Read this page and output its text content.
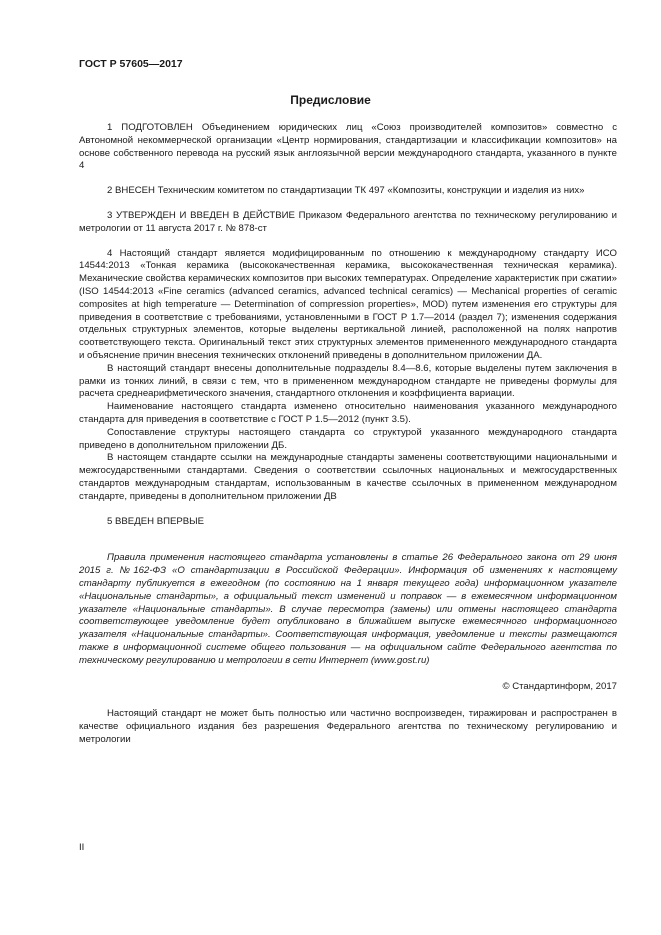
ГОСТ Р 57605—2017
Предисловие

1 ПОДГОТОВЛЕН Объединением юридических лиц «Союз производителей композитов» совместно с Автономной некоммерческой организации «Центр нормирования, стандартизации и классификации композитов» на основе собственного перевода на русский язык англоязычной версии международного стандарта, указанного в пункте 4

2 ВНЕСЕН Техническим комитетом по стандартизации ТК 497 «Композиты, конструкции и изделия из них»

3 УТВЕРЖДЕН И ВВЕДЕН В ДЕЙСТВИЕ Приказом Федерального агентства по техническому регулированию и метрологии от 11 августа 2017 г. № 878-ст

4 Настоящий стандарт является модифицированным по отношению к международному стандарту ИСО 14544:2013 «Тонкая керамика (высококачественная керамика, высококачественная техническая керамика). Механические свойства керамических композитов при высоких температурах. Определение характеристик при сжатии» (ISO 14544:2013 «Fine ceramics (advanced ceramics, advanced technical ceramics) — Mechanical properties of ceramic composites at high temperature — Determination of compression properties», MOD) путем изменения его структуры для приведения в соответствие с требованиями, установленными в ГОСТ Р 1.7—2014 (раздел 7); изменения содержания отдельных структурных элементов, которые выделены вертикальной линией, расположенной на полях напротив соответствующего текста. Оригинальный текст этих структурных элементов примененного международного стандарта и объяснение причин внесения технических отклонений приведены в дополнительном приложении ДА.

В настоящий стандарт внесены дополнительные подразделы 8.4—8.6, которые выделены путем заключения в рамки из тонких линий, в связи с тем, что в примененном международном стандарте не приведены формулы для расчета среднеарифметического значения, стандартного отклонения и коэффициента вариации.

Наименование настоящего стандарта изменено относительно наименования указанного международного стандарта для приведения в соответствие с ГОСТ Р 1.5—2012 (пункт 3.5).

Сопоставление структуры настоящего стандарта со структурой указанного международного стандарта приведено в дополнительном приложении ДБ.

В настоящем стандарте ссылки на международные стандарты заменены соответствующими национальными и межгосударственными стандартами. Сведения о соответствии ссылочных национальных и межгосударственных стандартов международным стандартам, использованным в качестве ссылочных в примененном международном стандарте, приведены в дополнительном приложении ДВ

5 ВВЕДЕН ВПЕРВЫЕ

Правила применения настоящего стандарта установлены в статье 26 Федерального закона от 29 июня 2015 г. №162-ФЗ «О стандартизации в Российской Федерации». Информация об изменениях к настоящему стандарту публикуется в ежегодном (по состоянию на 1 января текущего года) информационном указателе «Национальные стандарты», а официальный текст изменений и поправок — в ежемесячном информационном указателе «Национальные стандарты». В случае пересмотра (замены) или отмены настоящего стандарта соответствующее уведомление будет опубликовано в ближайшем выпуске ежемесячного информационного указателя «Национальные стандарты». Соответствующая информация, уведомление и тексты размещаются также в информационной системе общего пользования — на официальном сайте Федерального агентства по техническому регулированию и метрологии в сети Интернет (www.gost.ru)

© Стандартинформ, 2017

Настоящий стандарт не может быть полностью или частично воспроизведен, тиражирован и распространен в качестве официального издания без разрешения Федерального агентства по техническому регулированию и метрологии

II
